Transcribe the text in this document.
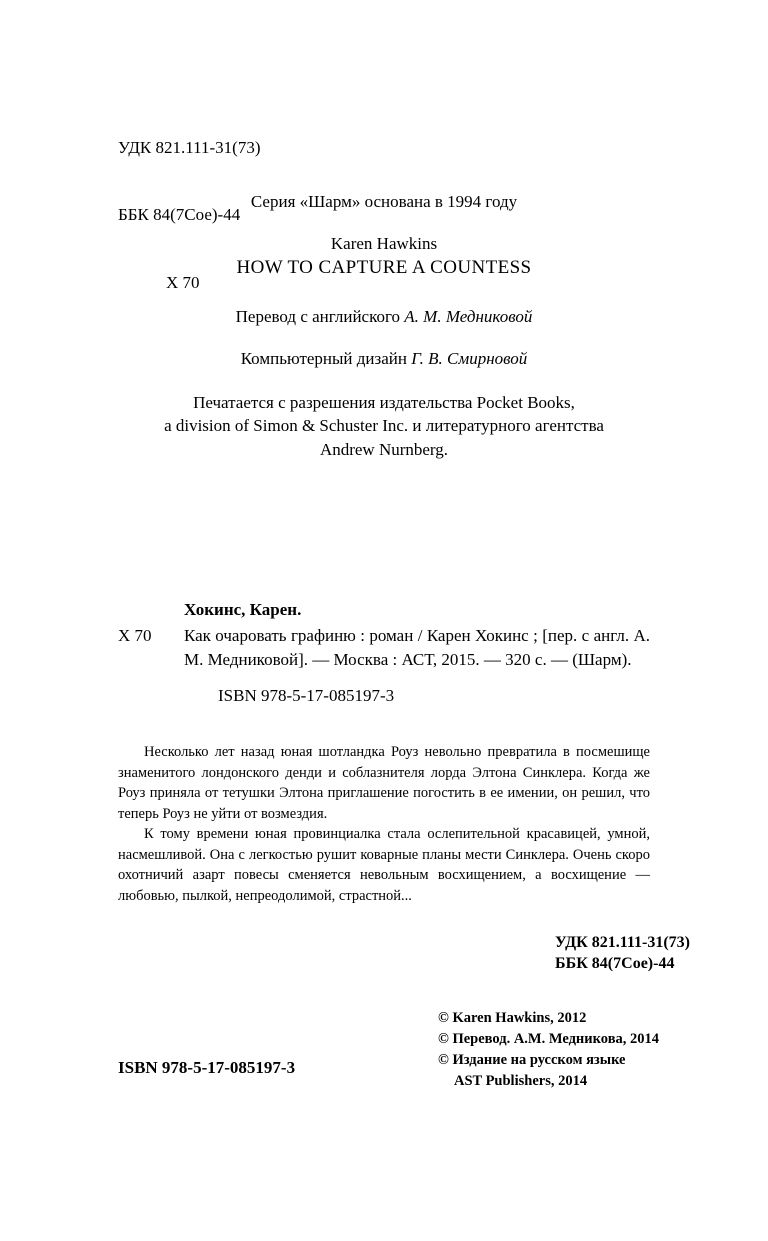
УДК 821.111-31(73)

ББК 84(7Сое)-44

Х 70

Серия «Шарм» основана в 1994 году
Karen Hawkins
HOW TO CAPTURE A COUNTESS
Перевод с английского А. М. Медниковой
Компьютерный дизайн Г. В. Смирновой
Печатается с разрешения издательства Pocket Books,
a division of Simon & Schuster Inc. и литературного агентства
Andrew Nurnberg.
Хокинс, Карен.
Х 70 Как очаровать графиню : роман / Карен Хокинс ; [пер. с англ. А. М. Медниковой]. — Москва : АСТ, 2015. — 320 с. — (Шарм).
ISBN 978-5-17-085197-3

Несколько лет назад юная шотландка Роуз невольно превратила в посмешище знаменитого лондонского денди и соблазнителя лорда Элтона Синклера. Когда же Роуз приняла от тетушки Элтона приглашение погостить в ее имении, он решил, что теперь Роуз не уйти от возмездия.

К тому времени юная провинциалка стала ослепительной красавицей, умной, насмешливой. Она с легкостью рушит коварные планы мести Синклера. Очень скоро охотничий азарт повесы сменяется невольным восхищением, а восхищение — любовью, пылкой, непреодолимой, страстной...

УДК 821.111-31(73)
ББК 84(7Сое)-44
© Karen Hawkins, 2012
© Перевод. А.М. Медникова, 2014
© Издание на русском языке
AST Publishers, 2014
ISBN 978-5-17-085197-3
